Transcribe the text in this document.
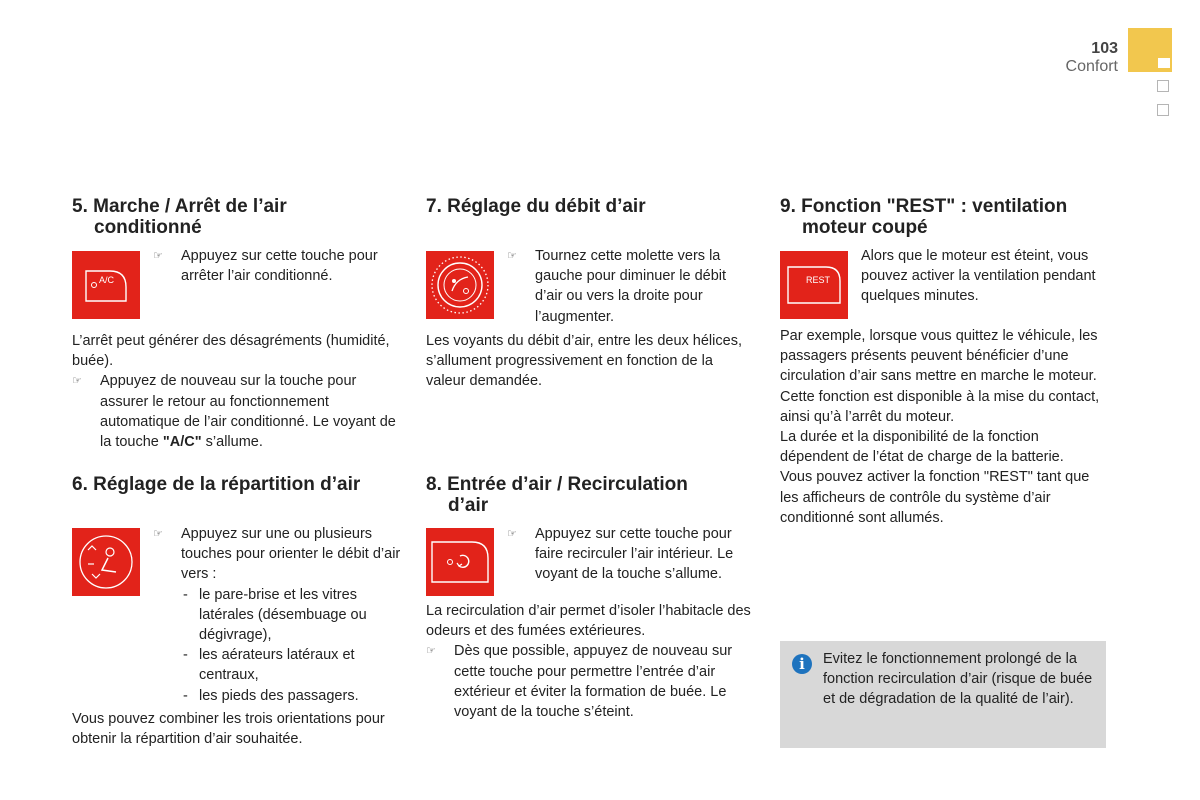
103
Confort
5. Marche / Arrêt de l’air
conditionné
A/C

☞ Appuyez sur cette touche pour arrêter l’air conditionné.

L’arrêt peut générer des désagréments (humidité, buée).

☞ Appuyez de nouveau sur la touche pour assurer le retour au fonctionnement automatique de l’air conditionné. Le voyant de la touche "A/C" s’allume.

6. Réglage de la répartition d’air

☞ Appuyez sur une ou plusieurs touches pour orienter le débit d’air vers :

- le pare-brise et les vitres latérales (désembuage ou dégivrage),
- les aérateurs latéraux et centraux,
- les pieds des passagers.

Vous pouvez combiner les trois orientations pour obtenir la répartition d’air souhaitée.

7. Réglage du débit d’air

☞ Tournez cette molette vers la gauche pour diminuer le débit d’air ou vers la droite pour l’augmenter.

Les voyants du débit d’air, entre les deux hélices, s’allument progressivement en fonction de la valeur demandée.

8. Entrée d’air / Recirculation
d’air

☞ Appuyez sur cette touche pour faire recirculer l’air intérieur. Le voyant de la touche s’allume.

La recirculation d’air permet d’isoler l’habitacle des odeurs et des fumées extérieures.

☞ Dès que possible, appuyez de nouveau sur cette touche pour permettre l’entrée d’air extérieur et éviter la formation de buée. Le voyant de la touche s’éteint.

9. Fonction "REST" : ventilation
moteur coupé
REST

Alors que le moteur est éteint, vous pouvez activer la ventilation pendant quelques minutes.

Par exemple, lorsque vous quittez le véhicule, les passagers présents peuvent bénéficier d’une circulation d’air sans mettre en marche le moteur.
Cette fonction est disponible à la mise du contact, ainsi qu’à l’arrêt du moteur.
La durée et la disponibilité de la fonction dépendent de l’état de charge de la batterie.
Vous pouvez activer la fonction "REST" tant que les afficheurs de contrôle du système d’air conditionné sont allumés.

i	Evitez le fonctionnement prolongé de la fonction recirculation d’air (risque de buée et de dégradation de la qualité de l’air).
